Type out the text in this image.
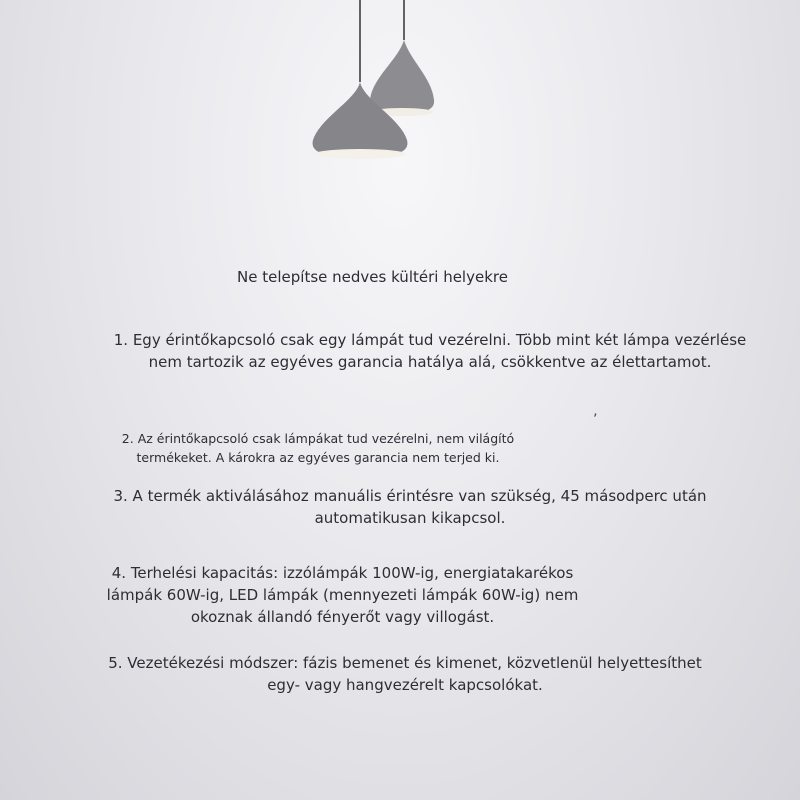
Ne telepítse nedves kültéri helyekre
1. Egy érintőkapcsoló csak egy lámpát tud vezérelni. Több mint két lámpa vezérlése
nem tartozik az egyéves garancia hatálya alá, csökkentve az élettartamot.
’
2. Az érintőkapcsoló csak lámpákat tud vezérelni, nem világító
termékeket. A károkra az egyéves garancia nem terjed ki.
3. A termék aktiválásához manuális érintésre van szükség, 45 másodperc után
automatikusan kikapcsol.
4. Terhelési kapacitás: izzólámpák 100W-ig, energiatakarékos
lámpák 60W-ig, LED lámpák (mennyezeti lámpák 60W-ig) nem
okoznak állandó fényerőt vagy villogást.
5. Vezetékezési módszer: fázis bemenet és kimenet, közvetlenül helyettesíthet
egy- vagy hangvezérelt kapcsolókat.
